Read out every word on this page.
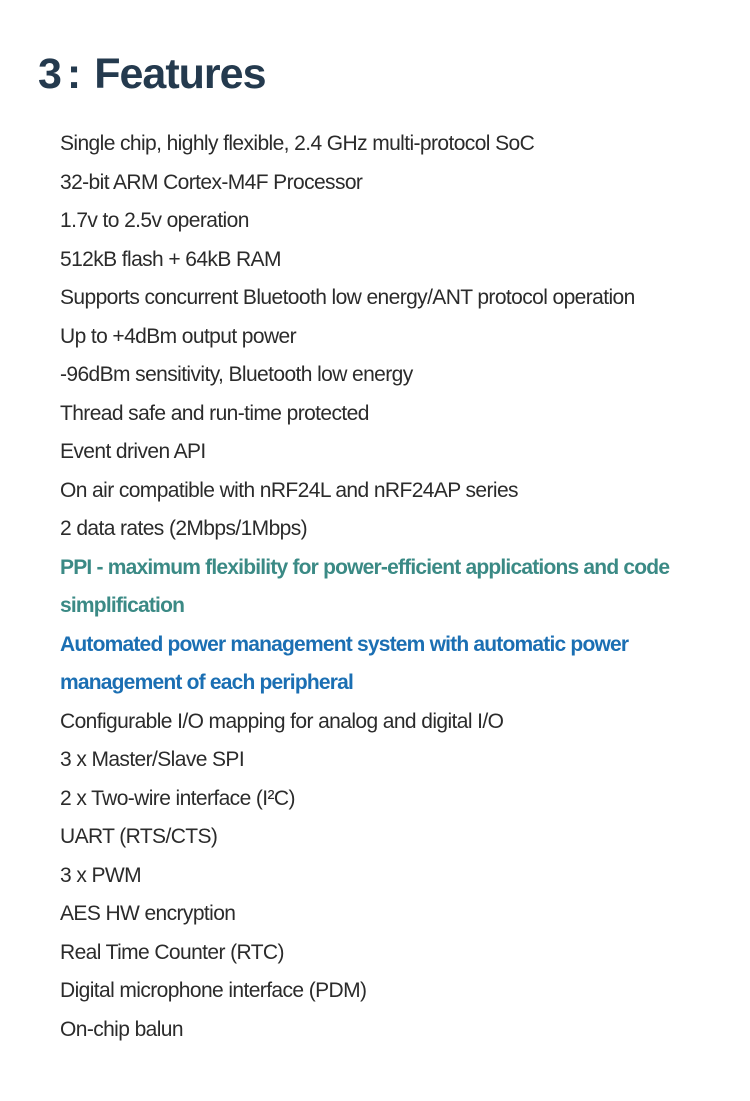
3 : Features
Single chip, highly flexible, 2.4 GHz multi-protocol SoC
32-bit ARM Cortex-M4F Processor
1.7v to 2.5v operation
512kB flash + 64kB RAM
Supports concurrent Bluetooth low energy/ANT protocol operation
Up to +4dBm output power
-96dBm sensitivity, Bluetooth low energy
Thread safe and run-time protected
Event driven API
On air compatible with nRF24L and nRF24AP series
2 data rates (2Mbps/1Mbps)
PPI - maximum flexibility for power-efficient applications and code simplification
Automated power management system with automatic power management of each peripheral
Configurable I/O mapping for analog and digital I/O
3 x Master/Slave SPI
2 x Two-wire interface (I²C)
UART (RTS/CTS)
3 x PWM
AES HW encryption
Real Time Counter (RTC)
Digital microphone interface (PDM)
On-chip balun
